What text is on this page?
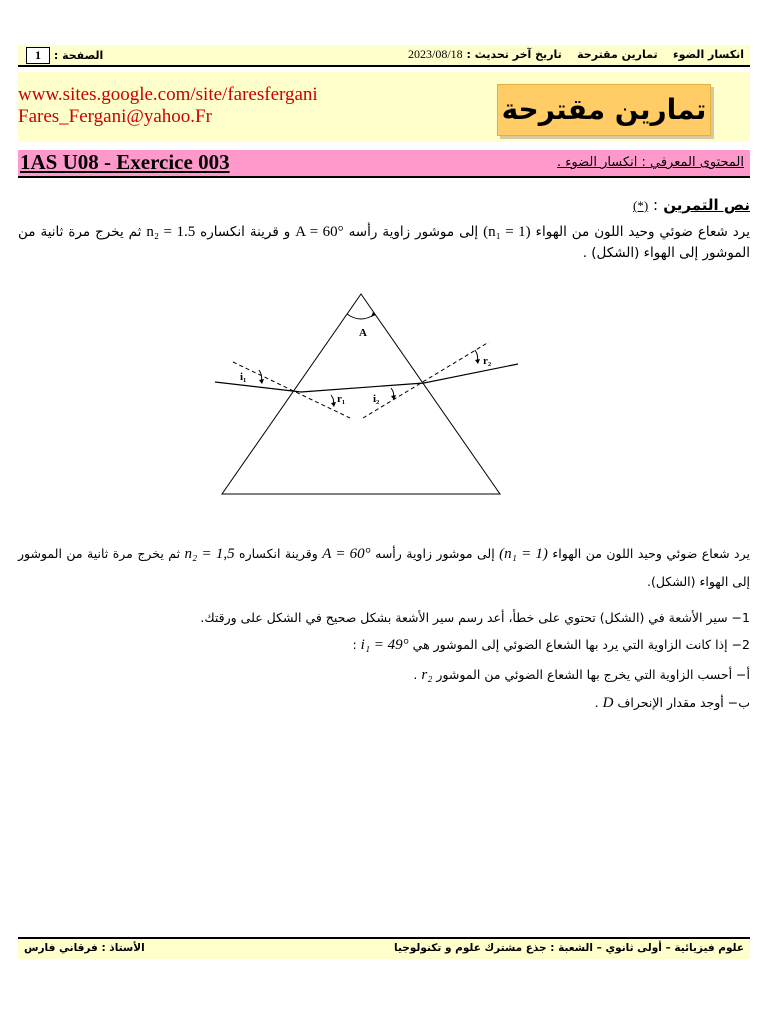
انكسار الضوء    تمارين مقترحة    تاريخ آخر تحديث : 2023/08/18
الصفحة : 1
www.sites.google.com/site/faresfergani
Fares_Fergani@yahoo.Fr	تمارين مقترحة
1AS U08 - Exercice 003	المحتوى المعرفي : انكسار الضوء .
نص التمرين : (*)
يرد شعاع ضوئي وحيد اللون من الهواء (n₁ = 1) إلى موشور زاوية رأسه A = 60° و قرينة انكساره n₂ = 1.5 ثم يخرج مرة ثانية من الموشور إلى الهواء (الشكل) .
A
i₁
r₁	i₂
r₂
يرد شعاع ضوئي وحيد اللون من الهواء (n₁ = 1) إلى موشور زاوية رأسه A = 60° وقرينة انكساره n₂ = 1,5 ثم يخرج مرة ثانية من الموشور إلى الهواء (الشكل).
1− سير الأشعة في (الشكل) تحتوي على خطأ، أعد رسم سير الأشعة بشكل صحيح في الشكل على ورقتك.
2− إذا كانت الزاوية التي يرد بها الشعاع الضوئي إلى الموشور هي i₁ = 49° :
أ− أحسب الزاوية التي يخرج بها الشعاع الضوئي من الموشور r₂ .
ب− أوجد مقدار الإنحراف D .
علوم فيزيائية – أولى ثانوي – الشعبة : جذع مشترك علوم و تكنولوجيا
الأستاذ : فرقاني فارس
